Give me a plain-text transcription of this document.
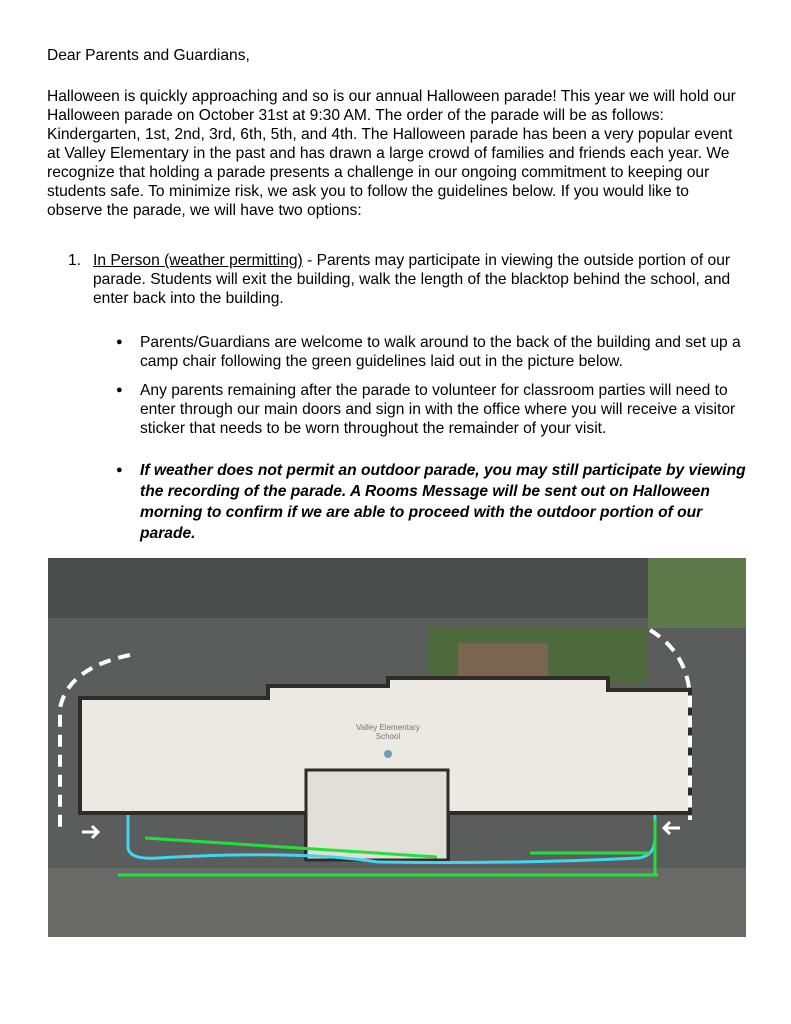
Dear Parents and Guardians,
Halloween is quickly approaching and so is our annual Halloween parade! This year we will hold our
Halloween parade on October 31st at 9:30 AM. The order of the parade will be as follows:
Kindergarten, 1st, 2nd, 3rd, 6th, 5th, and 4th. The Halloween parade has been a very popular event
at Valley Elementary in the past and has drawn a large crowd of families and friends each year. We
recognize that holding a parade presents a challenge in our ongoing commitment to keeping our
students safe. To minimize risk, we ask you to follow the guidelines below. If you would like to
observe the parade, we will have two options:
1. In Person (weather permitting) - Parents may participate in viewing the outside portion of our
parade. Students will exit the building, walk the length of the blacktop behind the school, and
enter back into the building.
● Parents/Guardians are welcome to walk around to the back of the building and set up a
camp chair following the green guidelines laid out in the picture below.
● Any parents remaining after the parade to volunteer for classroom parties will need to
enter through our main doors and sign in with the office where you will receive a visitor
sticker that needs to be worn throughout the remainder of your visit.
● If weather does not permit an outdoor parade, you may still participate by viewing
the recording of the parade. A Rooms Message will be sent out on Halloween
morning to confirm if we are able to proceed with the outdoor portion of our
parade.
Valley Elementary
School
